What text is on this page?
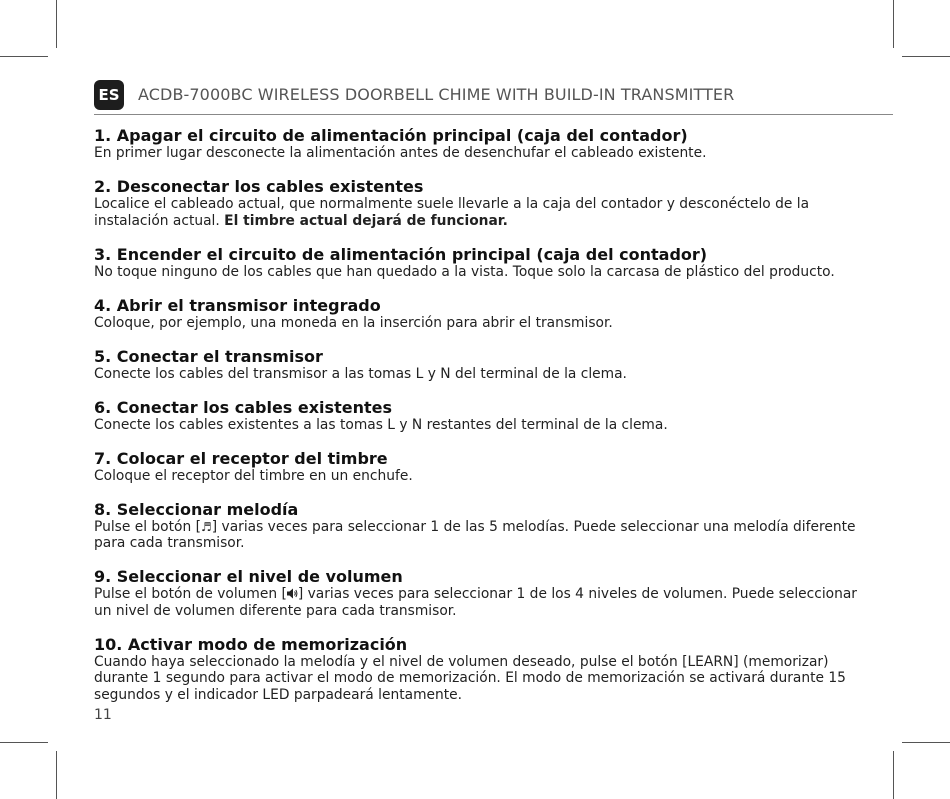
ES ACDB-7000BC WIRELESS DOORBELL CHIME WITH BUILD-IN TRANSMITTER
1. Apagar el circuito de alimentación principal (caja del contador)
En primer lugar desconecte la alimentación antes de desenchufar el cableado existente.
2. Desconectar los cables existentes
Localice el cableado actual, que normalmente suele llevarle a la caja del contador y desconéctelo de la instalación actual. El timbre actual dejará de funcionar.
3. Encender el circuito de alimentación principal (caja del contador)
No toque ninguno de los cables que han quedado a la vista. Toque solo la carcasa de plástico del producto.
4. Abrir el transmisor integrado
Coloque, por ejemplo, una moneda en la inserción para abrir el transmisor.
5. Conectar el transmisor
Conecte los cables del transmisor a las tomas L y N del terminal de la clema.
6. Conectar los cables existentes
Conecte los cables existentes a las tomas L y N restantes del terminal de la clema.
7. Colocar el receptor del timbre
Coloque el receptor del timbre en un enchufe.
8. Seleccionar melodía
Pulse el botón [♬] varias veces para seleccionar 1 de las 5 melodías. Puede seleccionar una melodía diferente para cada transmisor.
9. Seleccionar el nivel de volumen
Pulse el botón de volumen [ ] varias veces para seleccionar 1 de los 4 niveles de volumen. Puede seleccionar un nivel de volumen diferente para cada transmisor.
10. Activar modo de memorización
Cuando haya seleccionado la melodía y el nivel de volumen deseado, pulse el botón [LEARN] (memorizar) durante 1 segundo para activar el modo de memorización. El modo de memorización se activará durante 15 segundos y el indicador LED parpadeará lentamente.
11
